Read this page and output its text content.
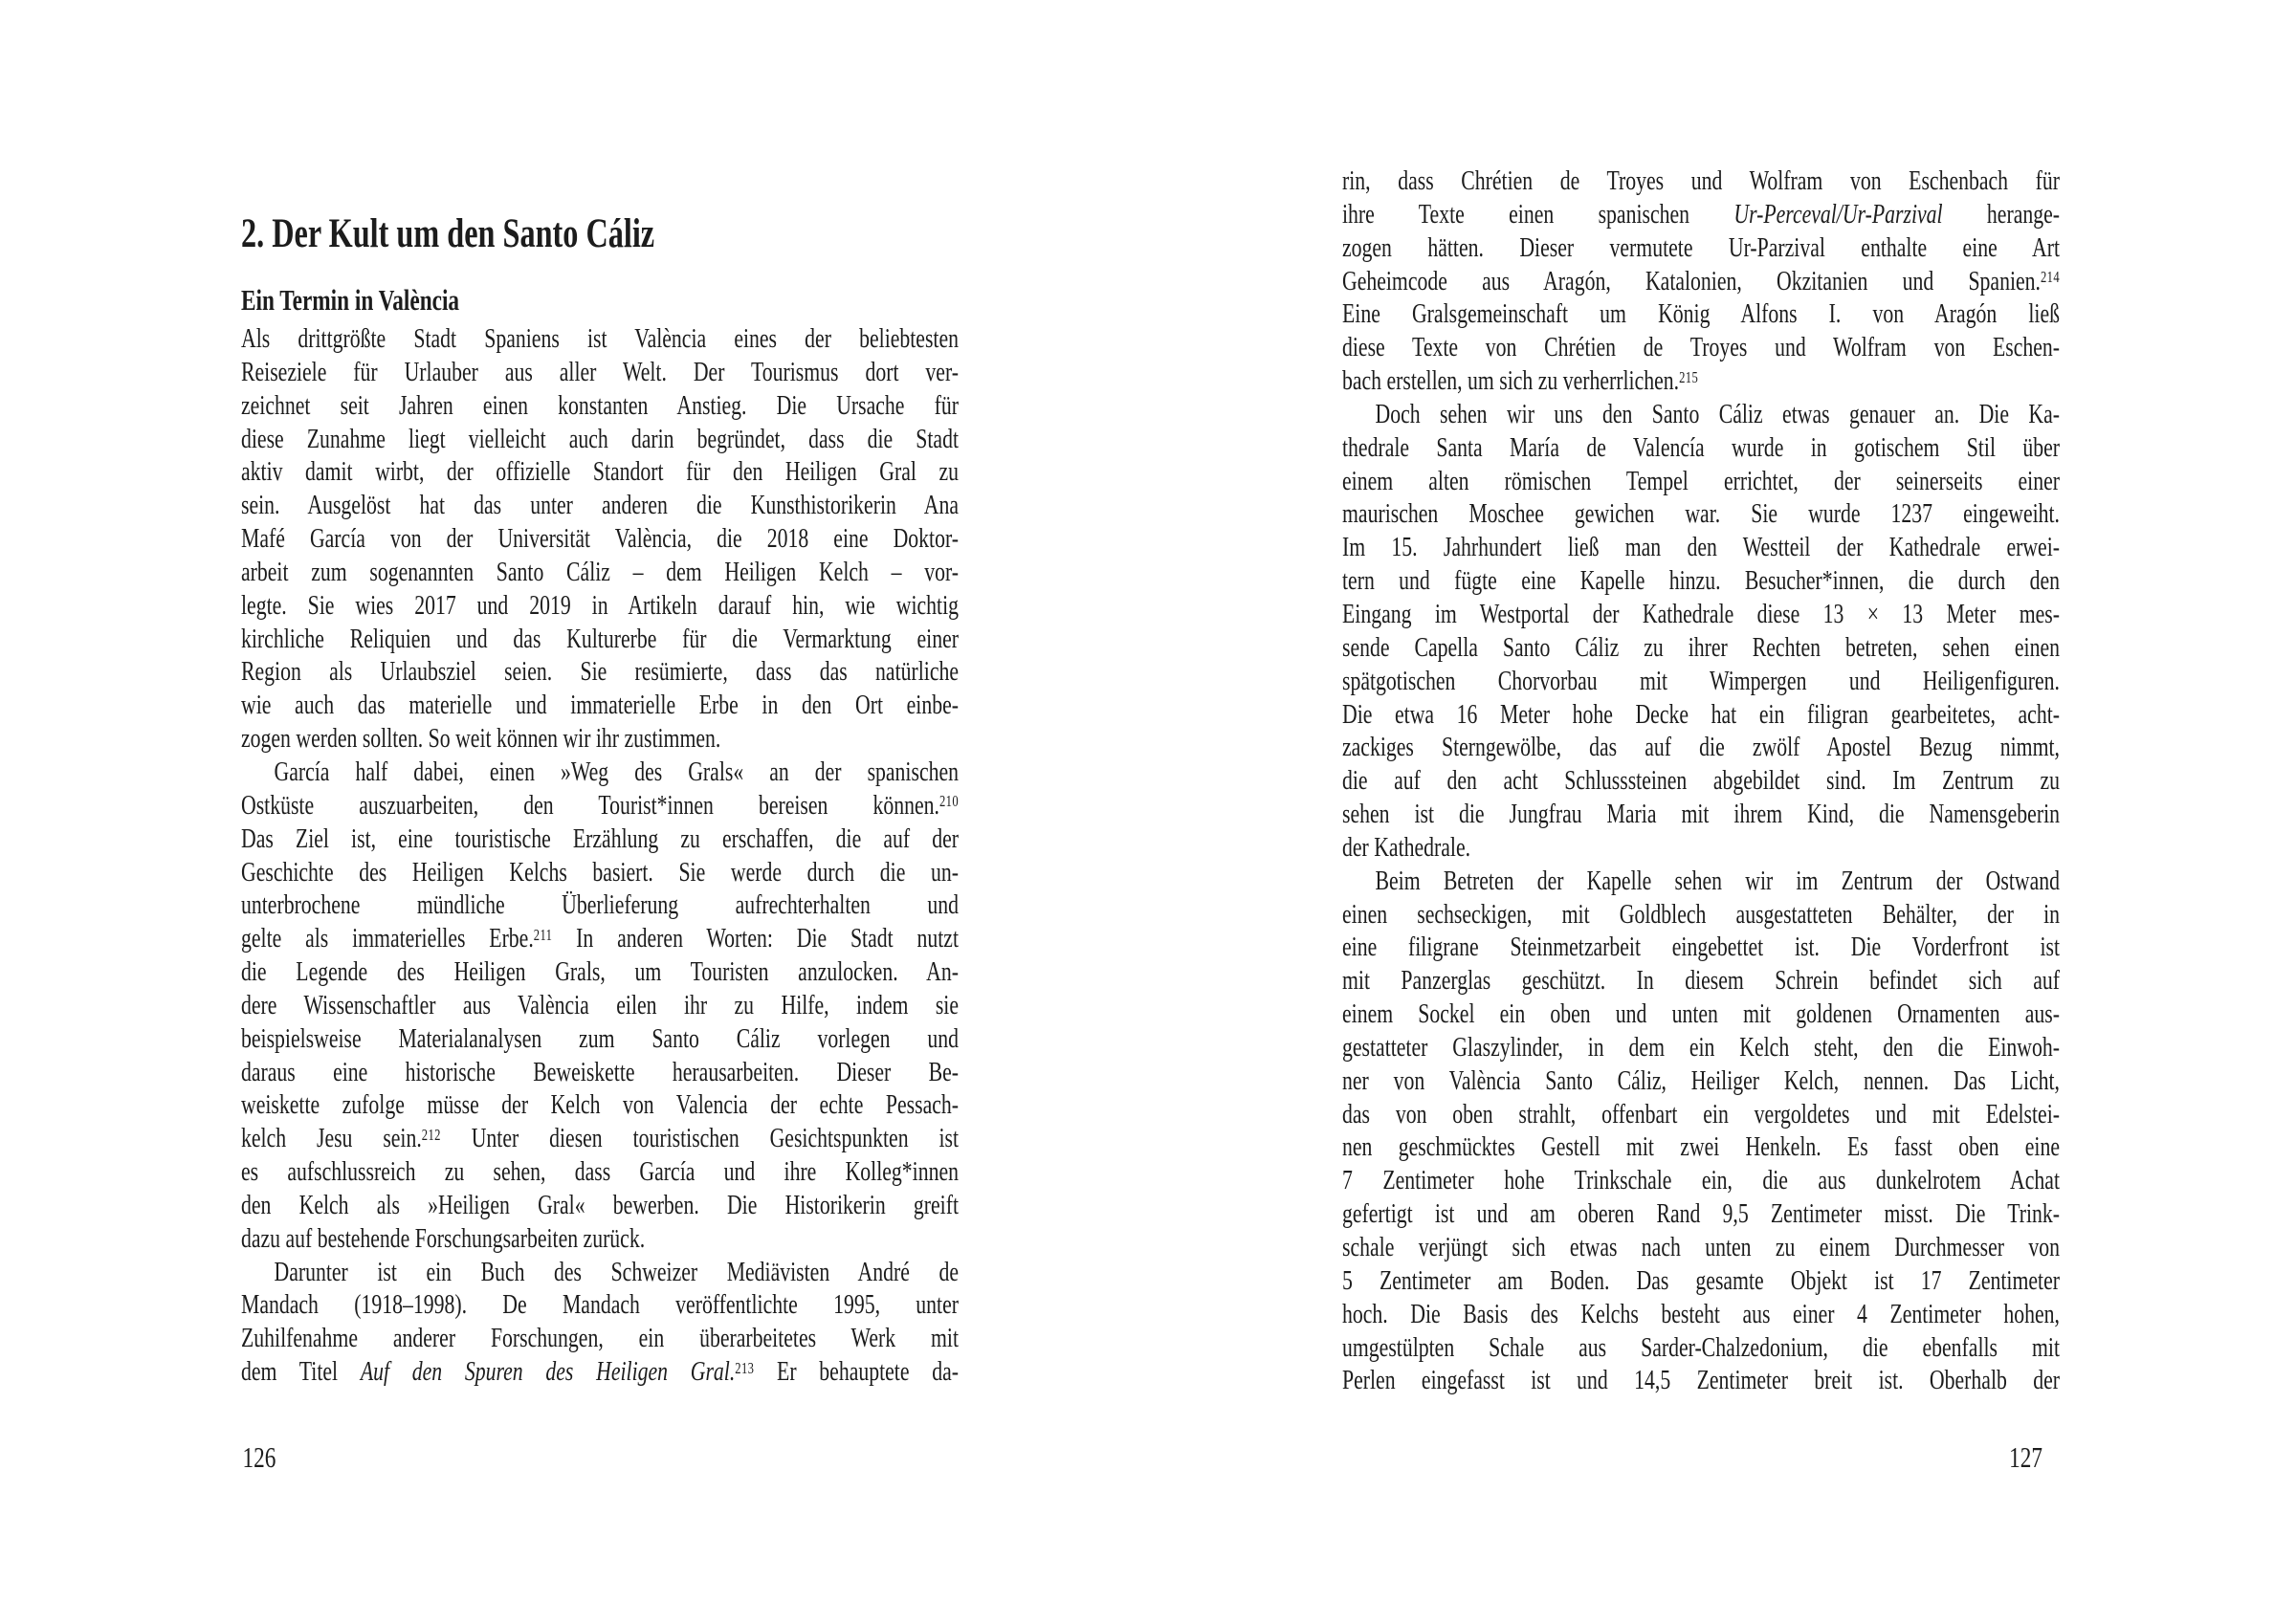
2. Der Kult um den Santo Cáliz
Ein Termin in València
Als drittgrößte Stadt Spaniens ist València eines der beliebtesten
Reiseziele für Urlauber aus aller Welt. Der Tourismus dort ver-
zeichnet seit Jahren einen konstanten Anstieg. Die Ursache für
diese Zunahme liegt vielleicht auch darin begründet, dass die Stadt
aktiv damit wirbt, der offizielle Standort für den Heiligen Gral zu
sein. Ausgelöst hat das unter anderen die Kunsthistorikerin Ana
Mafé García von der Universität València, die 2018 eine Doktor-
arbeit zum sogenannten Santo Cáliz – dem Heiligen Kelch – vor-
legte. Sie wies 2017 und 2019 in Artikeln darauf hin, wie wichtig
kirchliche Reliquien und das Kulturerbe für die Vermarktung einer
Region als Urlaubsziel seien. Sie resümierte, dass das natürliche
wie auch das materielle und immaterielle Erbe in den Ort einbe-
zogen werden sollten. So weit können wir ihr zustimmen.
García half dabei, einen »Weg des Grals« an der spanischen
Ostküste auszuarbeiten, den Tourist*innen bereisen können.$^{210}$
Das Ziel ist, eine touristische Erzählung zu erschaffen, die auf der
Geschichte des Heiligen Kelchs basiert. Sie werde durch die un-
unterbrochene mündliche Überlieferung aufrechterhalten und
gelte als immaterielles Erbe.$^{211}$ In anderen Worten: Die Stadt nutzt
die Legende des Heiligen Grals, um Touristen anzulocken. An-
dere Wissenschaftler aus València eilen ihr zu Hilfe, indem sie
beispielsweise Materialanalysen zum Santo Cáliz vorlegen und
daraus eine historische Beweiskette herausarbeiten. Dieser Be-
weiskette zufolge müsse der Kelch von Valencia der echte Pessach-
kelch Jesu sein.$^{212}$ Unter diesen touristischen Gesichtspunkten ist
es aufschlussreich zu sehen, dass García und ihre Kolleg*innen
den Kelch als »Heiligen Gral« bewerben. Die Historikerin greift
dazu auf bestehende Forschungsarbeiten zurück.
Darunter ist ein Buch des Schweizer Mediävisten André de
Mandach (1918–1998). De Mandach veröffentlichte 1995, unter
Zuhilfenahme anderer Forschungen, ein überarbeitetes Werk mit
dem Titel Auf den Spuren des Heiligen Gral.$^{213}$ Er behauptete da-
126
rin, dass Chrétien de Troyes und Wolfram von Eschenbach für
ihre Texte einen spanischen Ur-Perceval/Ur-Parzival herange-
zogen hätten. Dieser vermutete Ur-Parzival enthalte eine Art
Geheimcode aus Aragón, Katalonien, Okzitanien und Spanien.$^{214}$
Eine Gralsgemeinschaft um König Alfons I. von Aragón ließ
diese Texte von Chrétien de Troyes und Wolfram von Eschen-
bach erstellen, um sich zu verherrlichen.$^{215}$
Doch sehen wir uns den Santo Cáliz etwas genauer an. Die Ka-
thedrale Santa María de Valencía wurde in gotischem Stil über
einem alten römischen Tempel errichtet, der seinerseits einer
maurischen Moschee gewichen war. Sie wurde 1237 eingeweiht.
Im 15. Jahrhundert ließ man den Westteil der Kathedrale erwei-
tern und fügte eine Kapelle hinzu. Besucher*innen, die durch den
Eingang im Westportal der Kathedrale diese 13 × 13 Meter mes-
sende Capella Santo Cáliz zu ihrer Rechten betreten, sehen einen
spätgotischen Chorvorbau mit Wimpergen und Heiligenfiguren.
Die etwa 16 Meter hohe Decke hat ein filigran gearbeitetes, acht-
zackiges Sterngewölbe, das auf die zwölf Apostel Bezug nimmt,
die auf den acht Schlusssteinen abgebildet sind. Im Zentrum zu
sehen ist die Jungfrau Maria mit ihrem Kind, die Namensgeberin
der Kathedrale.
Beim Betreten der Kapelle sehen wir im Zentrum der Ostwand
einen sechseckigen, mit Goldblech ausgestatteten Behälter, der in
eine filigrane Steinmetzarbeit eingebettet ist. Die Vorderfront ist
mit Panzerglas geschützt. In diesem Schrein befindet sich auf
einem Sockel ein oben und unten mit goldenen Ornamenten aus-
gestatteter Glaszylinder, in dem ein Kelch steht, den die Einwoh-
ner von València Santo Cáliz, Heiliger Kelch, nennen. Das Licht,
das von oben strahlt, offenbart ein vergoldetes und mit Edelstei-
nen geschmücktes Gestell mit zwei Henkeln. Es fasst oben eine
7 Zentimeter hohe Trinkschale ein, die aus dunkelrotem Achat
gefertigt ist und am oberen Rand 9,5 Zentimeter misst. Die Trink-
schale verjüngt sich etwas nach unten zu einem Durchmesser von
5 Zentimeter am Boden. Das gesamte Objekt ist 17 Zentimeter
hoch. Die Basis des Kelchs besteht aus einer 4 Zentimeter hohen,
umgestülpten Schale aus Sarder-Chalzedonium, die ebenfalls mit
Perlen eingefasst ist und 14,5 Zentimeter breit ist. Oberhalb der
127
